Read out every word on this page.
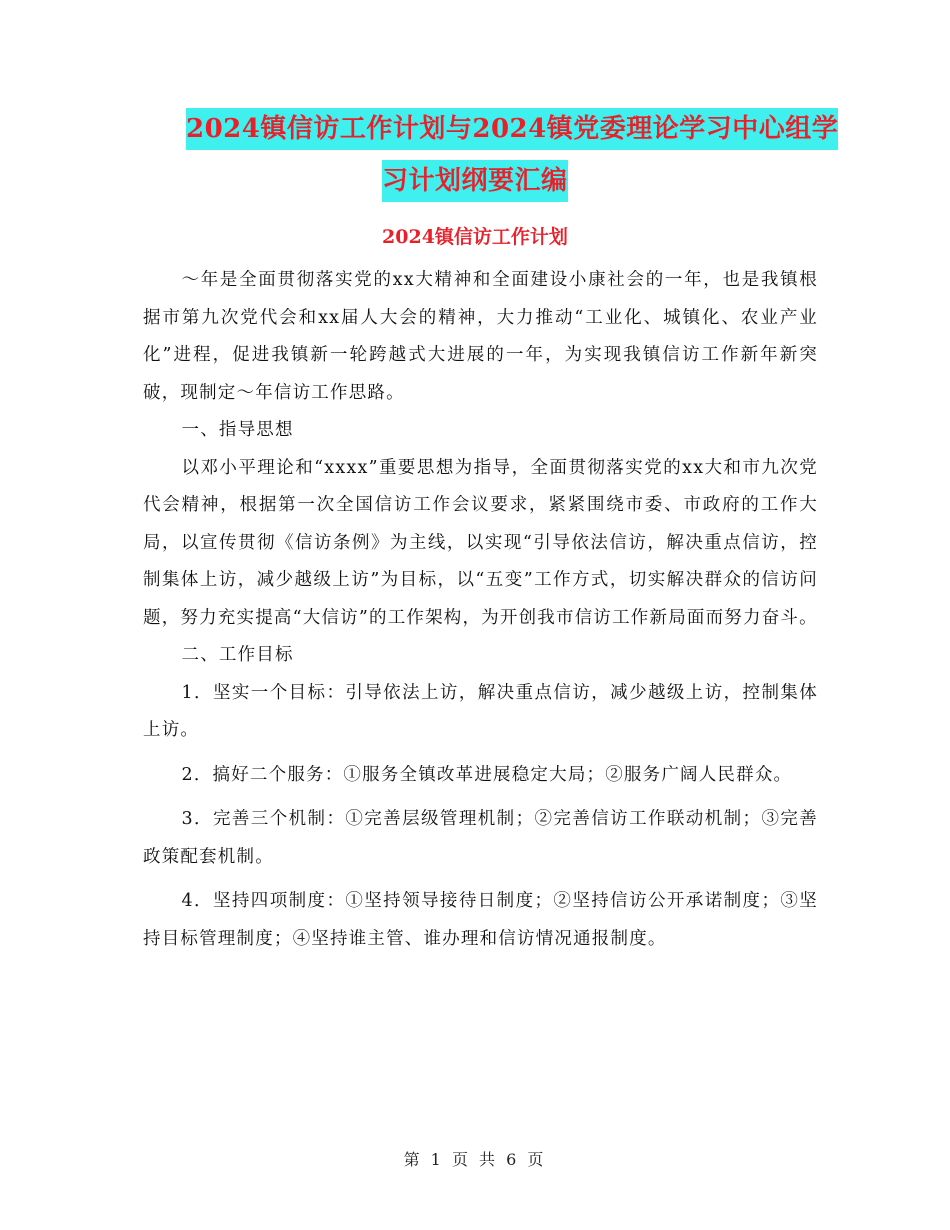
2024镇信访工作计划与2024镇党委理论学习中心组学
习计划纲要汇编
2024镇信访工作计划

～年是全面贯彻落实党的xx大精神和全面建设小康社会的一年，也是我镇根据市第九次党代会和xx届人大会的精神，大力推动“工业化、城镇化、农业产业化”进程，促进我镇新一轮跨越式大进展的一年，为实现我镇信访工作新年新突破，现制定～年信访工作思路。

一、指导思想

以邓小平理论和“xxxx”重要思想为指导，全面贯彻落实党的xx大和市九次党代会精神，根据第一次全国信访工作会议要求，紧紧围绕市委、市政府的工作大局，以宣传贯彻《信访条例》为主线，以实现“引导依法信访，解决重点信访，控制集体上访，减少越级上访”为目标，以“五变”工作方式，切实解决群众的信访问题，努力充实提高“大信访”的工作架构，为开创我市信访工作新局面而努力奋斗。

二、工作目标

1．坚实一个目标：引导依法上访，解决重点信访，减少越级上访，控制集体上访。

2．搞好二个服务：①服务全镇改革进展稳定大局；②服务广阔人民群众。

3．完善三个机制：①完善层级管理机制；②完善信访工作联动机制；③完善政策配套机制。

4．坚持四项制度：①坚持领导接待日制度；②坚持信访公开承诺制度；③坚持目标管理制度；④坚持谁主管、谁办理和信访情况通报制度。

第 1 页 共 6 页
